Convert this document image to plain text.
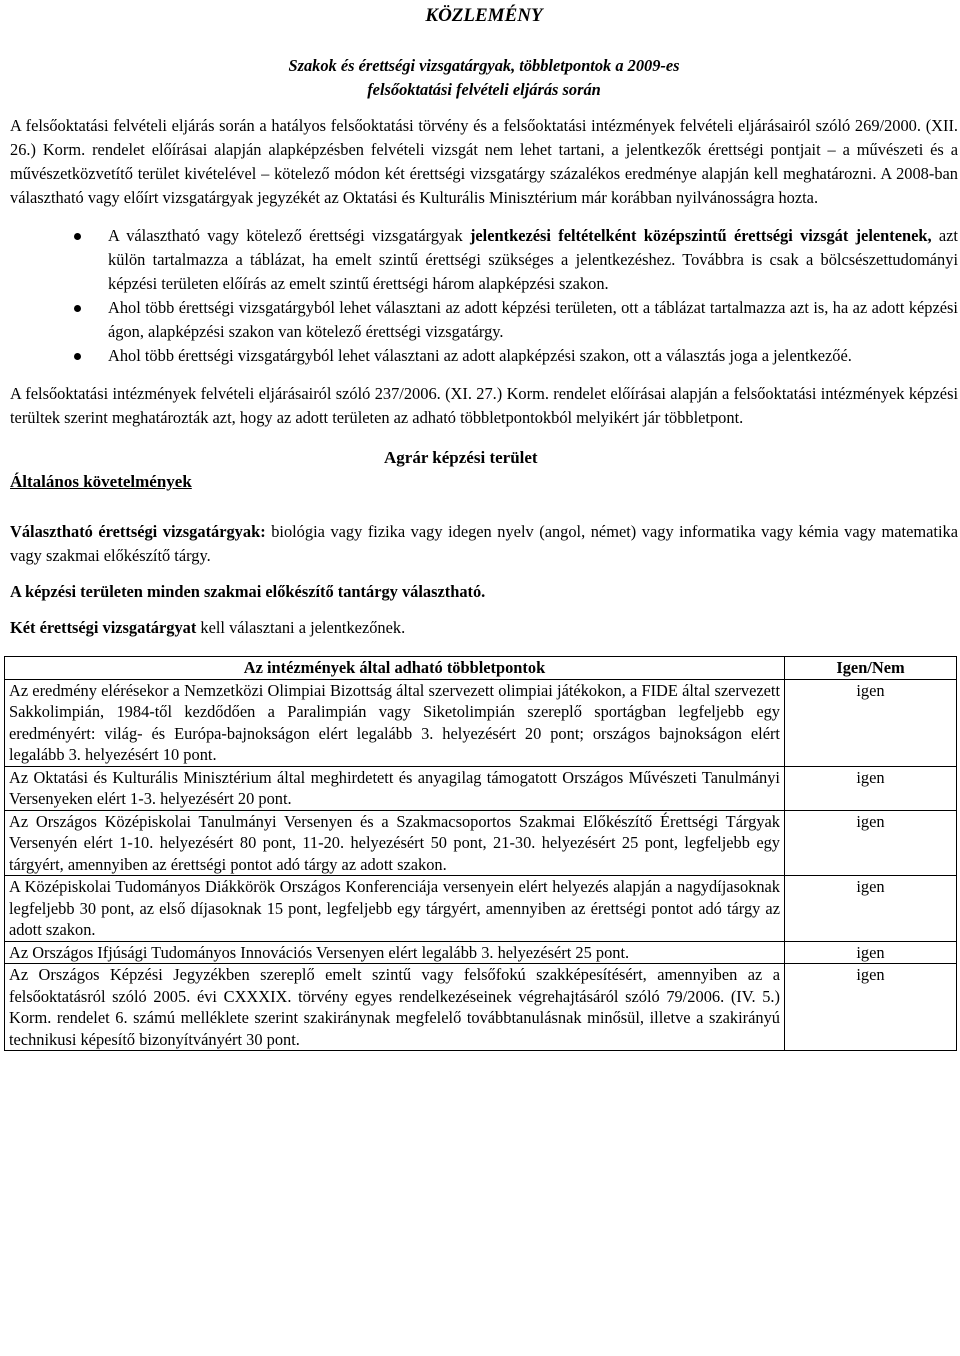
KÖZLEMÉNY
Szakok és érettségi vizsgatárgyak, többletpontok a 2009-es
felsőoktatási felvételi eljárás során
A felsőoktatási felvételi eljárás során a hatályos felsőoktatási törvény és a felsőoktatási intézmények felvételi eljárásairól szóló 269/2000. (XII. 26.) Korm. rendelet előírásai alapján alapképzésben felvételi vizsgát nem lehet tartani, a jelentkezők érettségi pontjait – a művészeti és a művészetközvetítő terület kivételével – kötelező módon két érettségi vizsgatárgy százalékos eredménye alapján kell meghatározni. A 2008-ban választható vagy előírt vizsgatárgyak jegyzékét az Oktatási és Kulturális Minisztérium már korábban nyilvánosságra hozta.
A választható vagy kötelező érettségi vizsgatárgyak jelentkezési feltételként középszintű érettségi vizsgát jelentenek, azt külön tartalmazza a táblázat, ha emelt szintű érettségi szükséges a jelentkezéshez. Továbbra is csak a bölcsészettudományi képzési területen előírás az emelt szintű érettségi három alapképzési szakon.
Ahol több érettségi vizsgatárgyból lehet választani az adott képzési területen, ott a táblázat tartalmazza azt is, ha az adott képzési ágon, alapképzési szakon van kötelező érettségi vizsgatárgy.
Ahol több érettségi vizsgatárgyból lehet választani az adott alapképzési szakon, ott a választás joga a jelentkezőé.
A felsőoktatási intézmények felvételi eljárásairól szóló 237/2006. (XI. 27.) Korm. rendelet előírásai alapján a felsőoktatási intézmények képzési terültek szerint meghatározták azt, hogy az adott területen az adható többletpontokból melyikért jár többletpont.
Agrár képzési terület
Általános követelmények
Választható érettségi vizsgatárgyak: biológia vagy fizika vagy idegen nyelv (angol, német) vagy informatika vagy kémia vagy matematika vagy szakmai előkészítő tárgy.
A képzési területen minden szakmai előkészítő tantárgy választható.
Két érettségi vizsgatárgyat kell választani a jelentkezőnek.
Az intézmények által adható többletpontok	Igen/Nem
Az eredmény elérésekor a Nemzetközi Olimpiai Bizottság által szervezett olimpiai játékokon, a FIDE által szervezett Sakkolimpián, 1984-től kezdődően a Paralimpián vagy Siketolimpián szereplő sportágban legfeljebb egy eredményért: világ- és Európa-bajnokságon elért legalább 3. helyezésért 20 pont; országos bajnokságon elért legalább 3. helyezésért 10 pont.	igen
Az Oktatási és Kulturális Minisztérium által meghirdetett és anyagilag támogatott Országos Művészeti Tanulmányi Versenyeken elért 1-3. helyezésért 20 pont.	igen
Az Országos Középiskolai Tanulmányi Versenyen és a Szakmacsoportos Szakmai Előkészítő Érettségi Tárgyak Versenyén elért 1-10. helyezésért 80 pont, 11-20. helyezésért 50 pont, 21-30. helyezésért 25 pont, legfeljebb egy tárgyért, amennyiben az érettségi pontot adó tárgy az adott szakon.	igen
A Középiskolai Tudományos Diákkörök Országos Konferenciája versenyein elért helyezés alapján a nagydíjasoknak legfeljebb 30 pont, az első díjasoknak 15 pont, legfeljebb egy tárgyért, amennyiben az érettségi pontot adó tárgy az adott szakon.	igen
Az Országos Ifjúsági Tudományos Innovációs Versenyen elért legalább 3. helyezésért 25 pont.	igen
Az Országos Képzési Jegyzékben szereplő emelt szintű vagy felsőfokú szakképesítésért, amennyiben az a felsőoktatásról szóló 2005. évi CXXXIX. törvény egyes rendelkezéseinek végrehajtásáról szóló 79/2006. (IV. 5.) Korm. rendelet 6. számú melléklete szerint szakiránynak megfelelő továbbtanulásnak minősül, illetve a szakirányú technikusi képesítő bizonyítványért 30 pont.	igen
